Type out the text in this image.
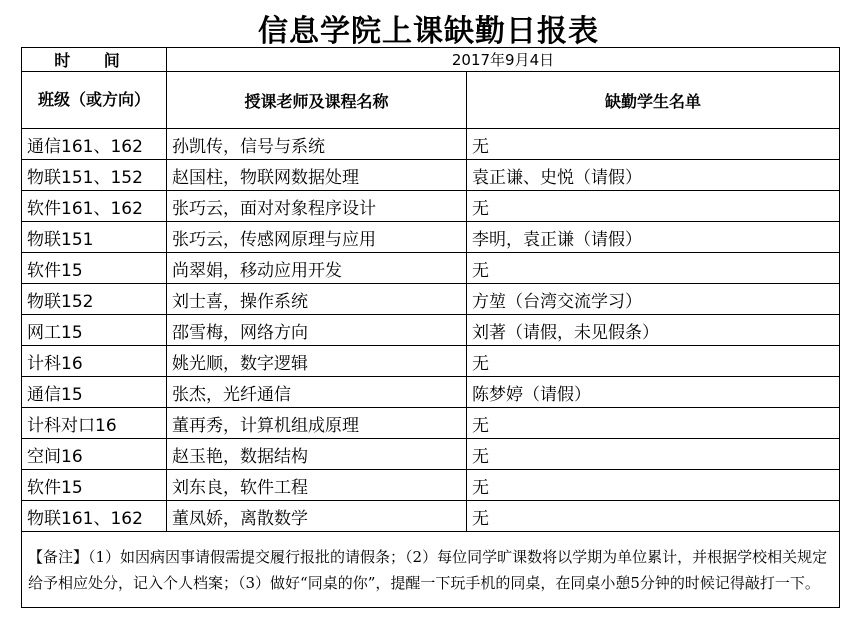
信息学院上课缺勤日报表
时 间	2017年9月4日	
班级（或方向）	授课老师及课程名称	缺勤学生名单
通信161、162	孙凯传，信号与系统	无
物联151、152	赵国柱，物联网数据处理	袁正谦、史悦（请假）
软件161、162	张巧云，面对对象程序设计	无
物联151	张巧云，传感网原理与应用	李明，袁正谦（请假）
软件15	尚翠娟，移动应用开发	无
物联152	刘士喜，操作系统	方堃（台湾交流学习）
网工15	邵雪梅，网络方向	刘著（请假，未见假条）
计科16	姚光顺，数字逻辑	无
通信15	张杰，光纤通信	陈梦婷（请假）
计科对口16	董再秀，计算机组成原理	无
空间16	赵玉艳，数据结构	无
软件15	刘东良，软件工程	无
物联161、162	董凤娇，离散数学	无
【备注】（1）如因病因事请假需提交履行报批的请假条；（2）每位同学旷课数将以学期为单位累计，并根据学校相关规定给予相应处分，记入个人档案；（3）做好“同桌的你”，提醒一下玩手机的同桌，在同桌小憩5分钟的时候记得敲打一下。		
